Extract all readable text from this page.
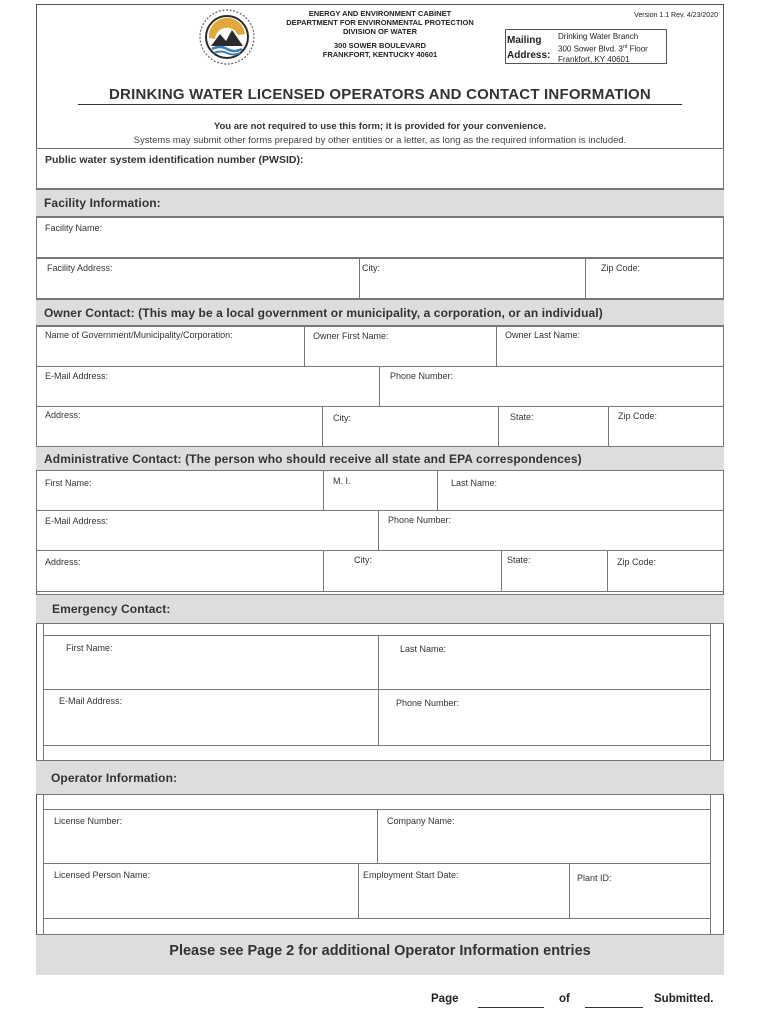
ENERGY AND ENVIRONMENT CABINET
DEPARTMENT FOR ENVIRONMENTAL PROTECTION
DIVISION OF WATER
300 SOWER BOULEVARD
FRANKFORT, KENTUCKY 40601
Version 1.1 Rev. 4/23/2020
Mailing
Address:
Drinking Water Branch
300 Sower Blvd. 3rd Floor
Frankfort, KY 40601
DRINKING WATER LICENSED OPERATORS AND CONTACT INFORMATION
You are not required to use this form; it is provided for your convenience.
Systems may submit other forms prepared by other entities or a letter, as long as the required information is included.
Public water system identification number (PWSID):
Facility Information:
Facility Name:
Facility Address:	City:	Zip Code:
Owner Contact: (This may be a local government or municipality, a corporation, or an individual)
Name of Government/Municipality/Corporation:	Owner First Name:	Owner Last Name:
E-Mail Address:	Phone Number:
Address:	City:	State:	Zip Code:
Administrative Contact: (The person who should receive all state and EPA correspondences)
First Name:	M. I.	Last Name:
E-Mail Address:	Phone Number:
Address:	City:	State:	Zip Code:
Emergency Contact:
First Name:	Last Name:
E-Mail Address:	Phone Number:
Operator Information:
License Number:	Company Name:
Licensed Person Name:	Employment Start Date:	Plant ID:
Please see Page 2 for additional Operator Information entries
Page	of	Submitted.
